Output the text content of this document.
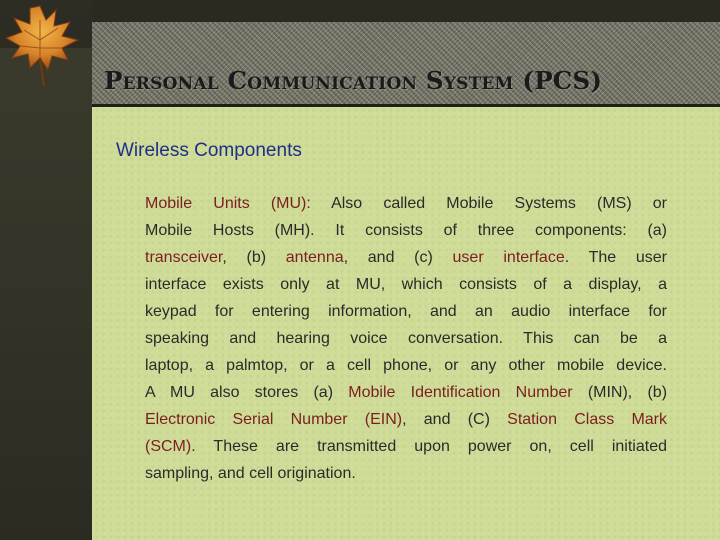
Personal Communication System (PCS)
Wireless Components
Mobile Units (MU): Also called Mobile Systems (MS) or
Mobile Hosts (MH). It consists of three components: (a)
transceiver, (b) antenna, and (c) user interface. The user
interface exists only at MU, which consists of a display, a
keypad for entering information, and an audio interface for
speaking and hearing voice conversation. This can be a
laptop, a palmtop, or a cell phone, or any other mobile device.
A MU also stores (a) Mobile Identification Number (MIN), (b)
Electronic Serial Number (EIN), and (C) Station Class Mark
(SCM). These are transmitted upon power on, cell initiated
sampling, and cell origination.
